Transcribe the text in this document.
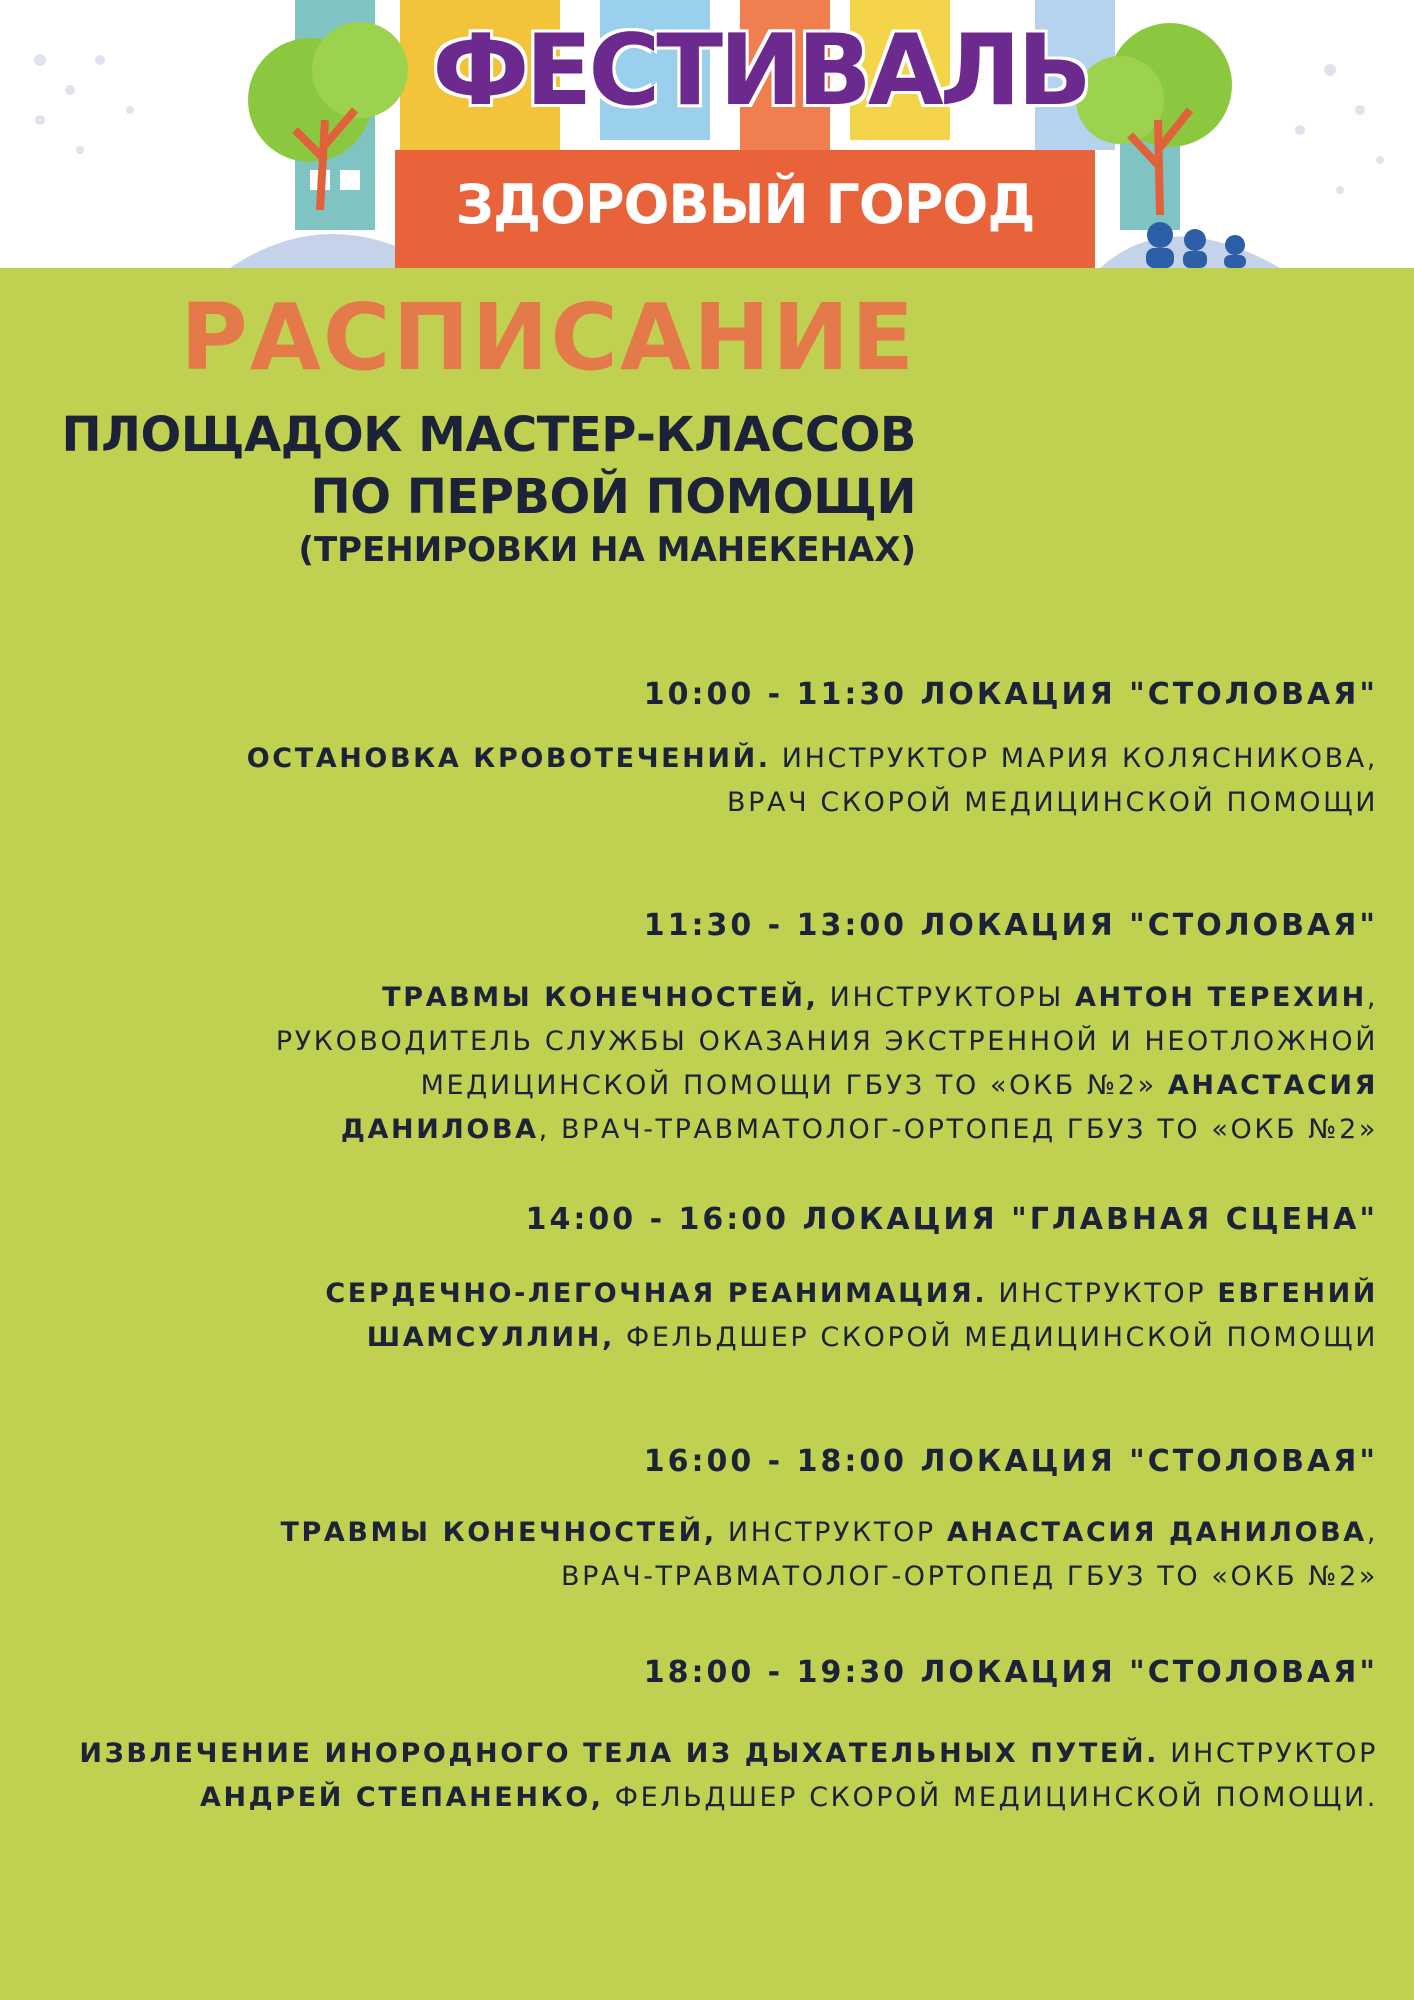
ФЕСТИВАЛЬ
ЗДОРОВЫЙ ГОРОД
РАСПИСАНИЕ
ПЛОЩАДОК МАСТЕР-КЛАССОВ
ПО ПЕРВОЙ ПОМОЩИ
(ТРЕНИРОВКИ НА МАНЕКЕНАХ)
10:00 - 11:30 ЛОКАЦИЯ "СТОЛОВАЯ"
ОСТАНОВКА КРОВОТЕЧЕНИЙ. ИНСТРУКТОР МАРИЯ КОЛЯСНИКОВА,
ВРАЧ СКОРОЙ МЕДИЦИНСКОЙ ПОМОЩИ
11:30 - 13:00 ЛОКАЦИЯ "СТОЛОВАЯ"
ТРАВМЫ КОНЕЧНОСТЕЙ, ИНСТРУКТОРЫ АНТОН ТЕРЕХИН,
РУКОВОДИТЕЛЬ СЛУЖБЫ ОКАЗАНИЯ ЭКСТРЕННОЙ И НЕОТЛОЖНОЙ
МЕДИЦИНСКОЙ ПОМОЩИ ГБУЗ ТО «ОКБ №2» АНАСТАСИЯ
ДАНИЛОВА, ВРАЧ-ТРАВМАТОЛОГ-ОРТОПЕД ГБУЗ ТО «ОКБ №2»
14:00 - 16:00 ЛОКАЦИЯ "ГЛАВНАЯ СЦЕНА"
СЕРДЕЧНО-ЛЕГОЧНАЯ РЕАНИМАЦИЯ. ИНСТРУКТОР ЕВГЕНИЙ
ШАМСУЛЛИН, ФЕЛЬДШЕР СКОРОЙ МЕДИЦИНСКОЙ ПОМОЩИ
16:00 - 18:00 ЛОКАЦИЯ "СТОЛОВАЯ"
ТРАВМЫ КОНЕЧНОСТЕЙ, ИНСТРУКТОР АНАСТАСИЯ ДАНИЛОВА,
ВРАЧ-ТРАВМАТОЛОГ-ОРТОПЕД ГБУЗ ТО «ОКБ №2»
18:00 - 19:30 ЛОКАЦИЯ "СТОЛОВАЯ"
ИЗВЛЕЧЕНИЕ ИНОРОДНОГО ТЕЛА ИЗ ДЫХАТЕЛЬНЫХ ПУТЕЙ. ИНСТРУКТОР
АНДРЕЙ СТЕПАНЕНКО, ФЕЛЬДШЕР СКОРОЙ МЕДИЦИНСКОЙ ПОМОЩИ.
